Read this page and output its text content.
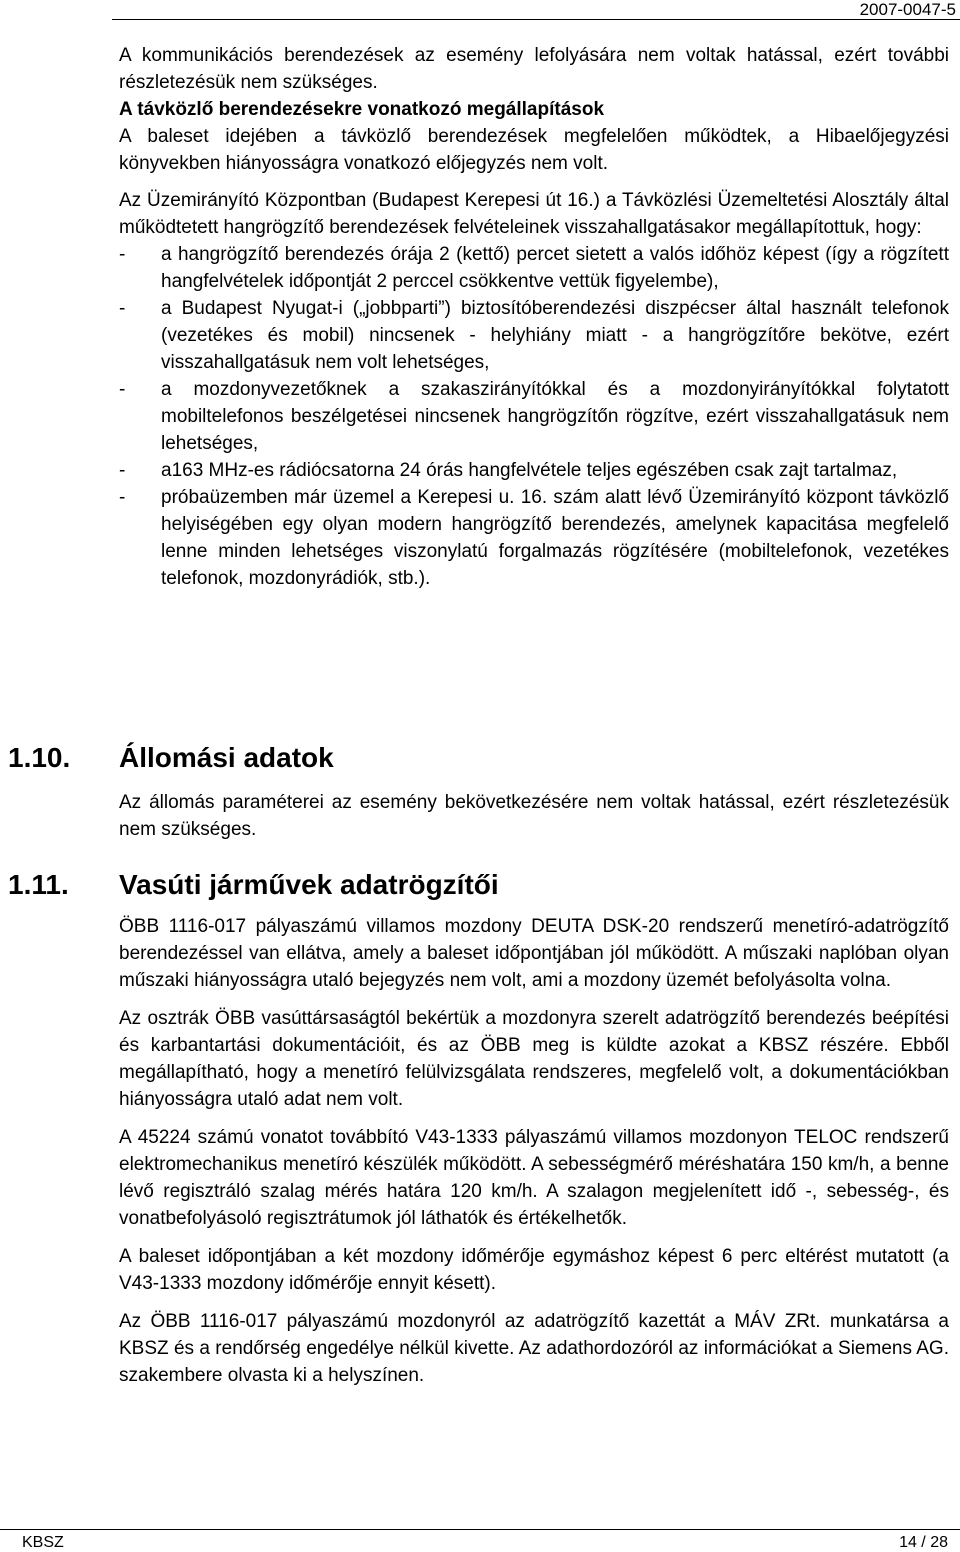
2007-0047-5

A kommunikációs berendezések az esemény lefolyására nem voltak hatással, ezért további részletezésük nem szükséges.

A távközlő berendezésekre vonatkozó megállapítások

A baleset idejében a távközlő berendezések megfelelően működtek, a Hibaelőjegyzési könyvekben hiányosságra vonatkozó előjegyzés nem volt.

Az Üzemirányító Központban (Budapest Kerepesi út 16.) a Távközlési Üzemeltetési Alosztály által működtetett hangrögzítő berendezések felvételeinek visszahallgatásakor megállapítottuk, hogy:

- a hangrögzítő berendezés órája 2 (kettő) percet sietett a valós időhöz képest (így a rögzített hangfelvételek időpontját 2 perccel csökkentve vettük figyelembe),
- a Budapest Nyugat-i („jobbparti”) biztosítóberendezési diszpécser által használt telefonok (vezetékes és mobil) nincsenek - helyhiány miatt - a hangrögzítőre bekötve, ezért visszahallgatásuk nem volt lehetséges,
- a mozdonyvezetőknek a szakaszirányítókkal és a mozdonyirányítókkal folytatott mobiltelefonos beszélgetései nincsenek hangrögzítőn rögzítve, ezért visszahallgatásuk nem lehetséges,
- a163 MHz-es rádiócsatorna 24 órás hangfelvétele teljes egészében csak zajt tartalmaz,
- próbaüzemben már üzemel a Kerepesi u. 16. szám alatt lévő Üzemirányító központ távközlő helyiségében egy olyan modern hangrögzítő berendezés, amelynek kapacitása megfelelő lenne minden lehetséges viszonylatú forgalmazás rögzítésére (mobiltelefonok, vezetékes telefonok, mozdonyrádiók, stb.).
1.10. Állomási adatok

Az állomás paraméterei az esemény bekövetkezésére nem voltak hatással, ezért részletezésük nem szükséges.

1.11. Vasúti járművek adatrögzítői

ÖBB 1116-017 pályaszámú villamos mozdony DEUTA DSK-20 rendszerű menetíró-adatrögzítő berendezéssel van ellátva, amely a baleset időpontjában jól működött. A műszaki naplóban olyan műszaki hiányosságra utaló bejegyzés nem volt, ami a mozdony üzemét befolyásolta volna.

Az osztrák ÖBB vasúttársaságtól bekértük a mozdonyra szerelt adatrögzítő berendezés beépítési és karbantartási dokumentációit, és az ÖBB meg is küldte azokat a KBSZ részére. Ebből megállapítható, hogy a menetíró felülvizsgálata rendszeres, megfelelő volt, a dokumentációkban hiányosságra utaló adat nem volt.

A 45224 számú vonatot továbbító V43-1333 pályaszámú villamos mozdonyon TELOC rendszerű elektromechanikus menetíró készülék működött. A sebességmérő méréshatára 150 km/h, a benne lévő regisztráló szalag mérés határa 120 km/h. A szalagon megjelenített idő -, sebesség-, és vonatbefolyásoló regisztrátumok jól láthatók és értékelhetők.

A baleset időpontjában a két mozdony időmérője egymáshoz képest 6 perc eltérést mutatott (a V43-1333 mozdony időmérője ennyit késett).

Az ÖBB 1116-017 pályaszámú mozdonyról az adatrögzítő kazettát a MÁV ZRt. munkatársa a KBSZ és a rendőrség engedélye nélkül kivette. Az adathordozóról az információkat a Siemens AG. szakembere olvasta ki a helyszínen.

KBSZ	14 / 28
